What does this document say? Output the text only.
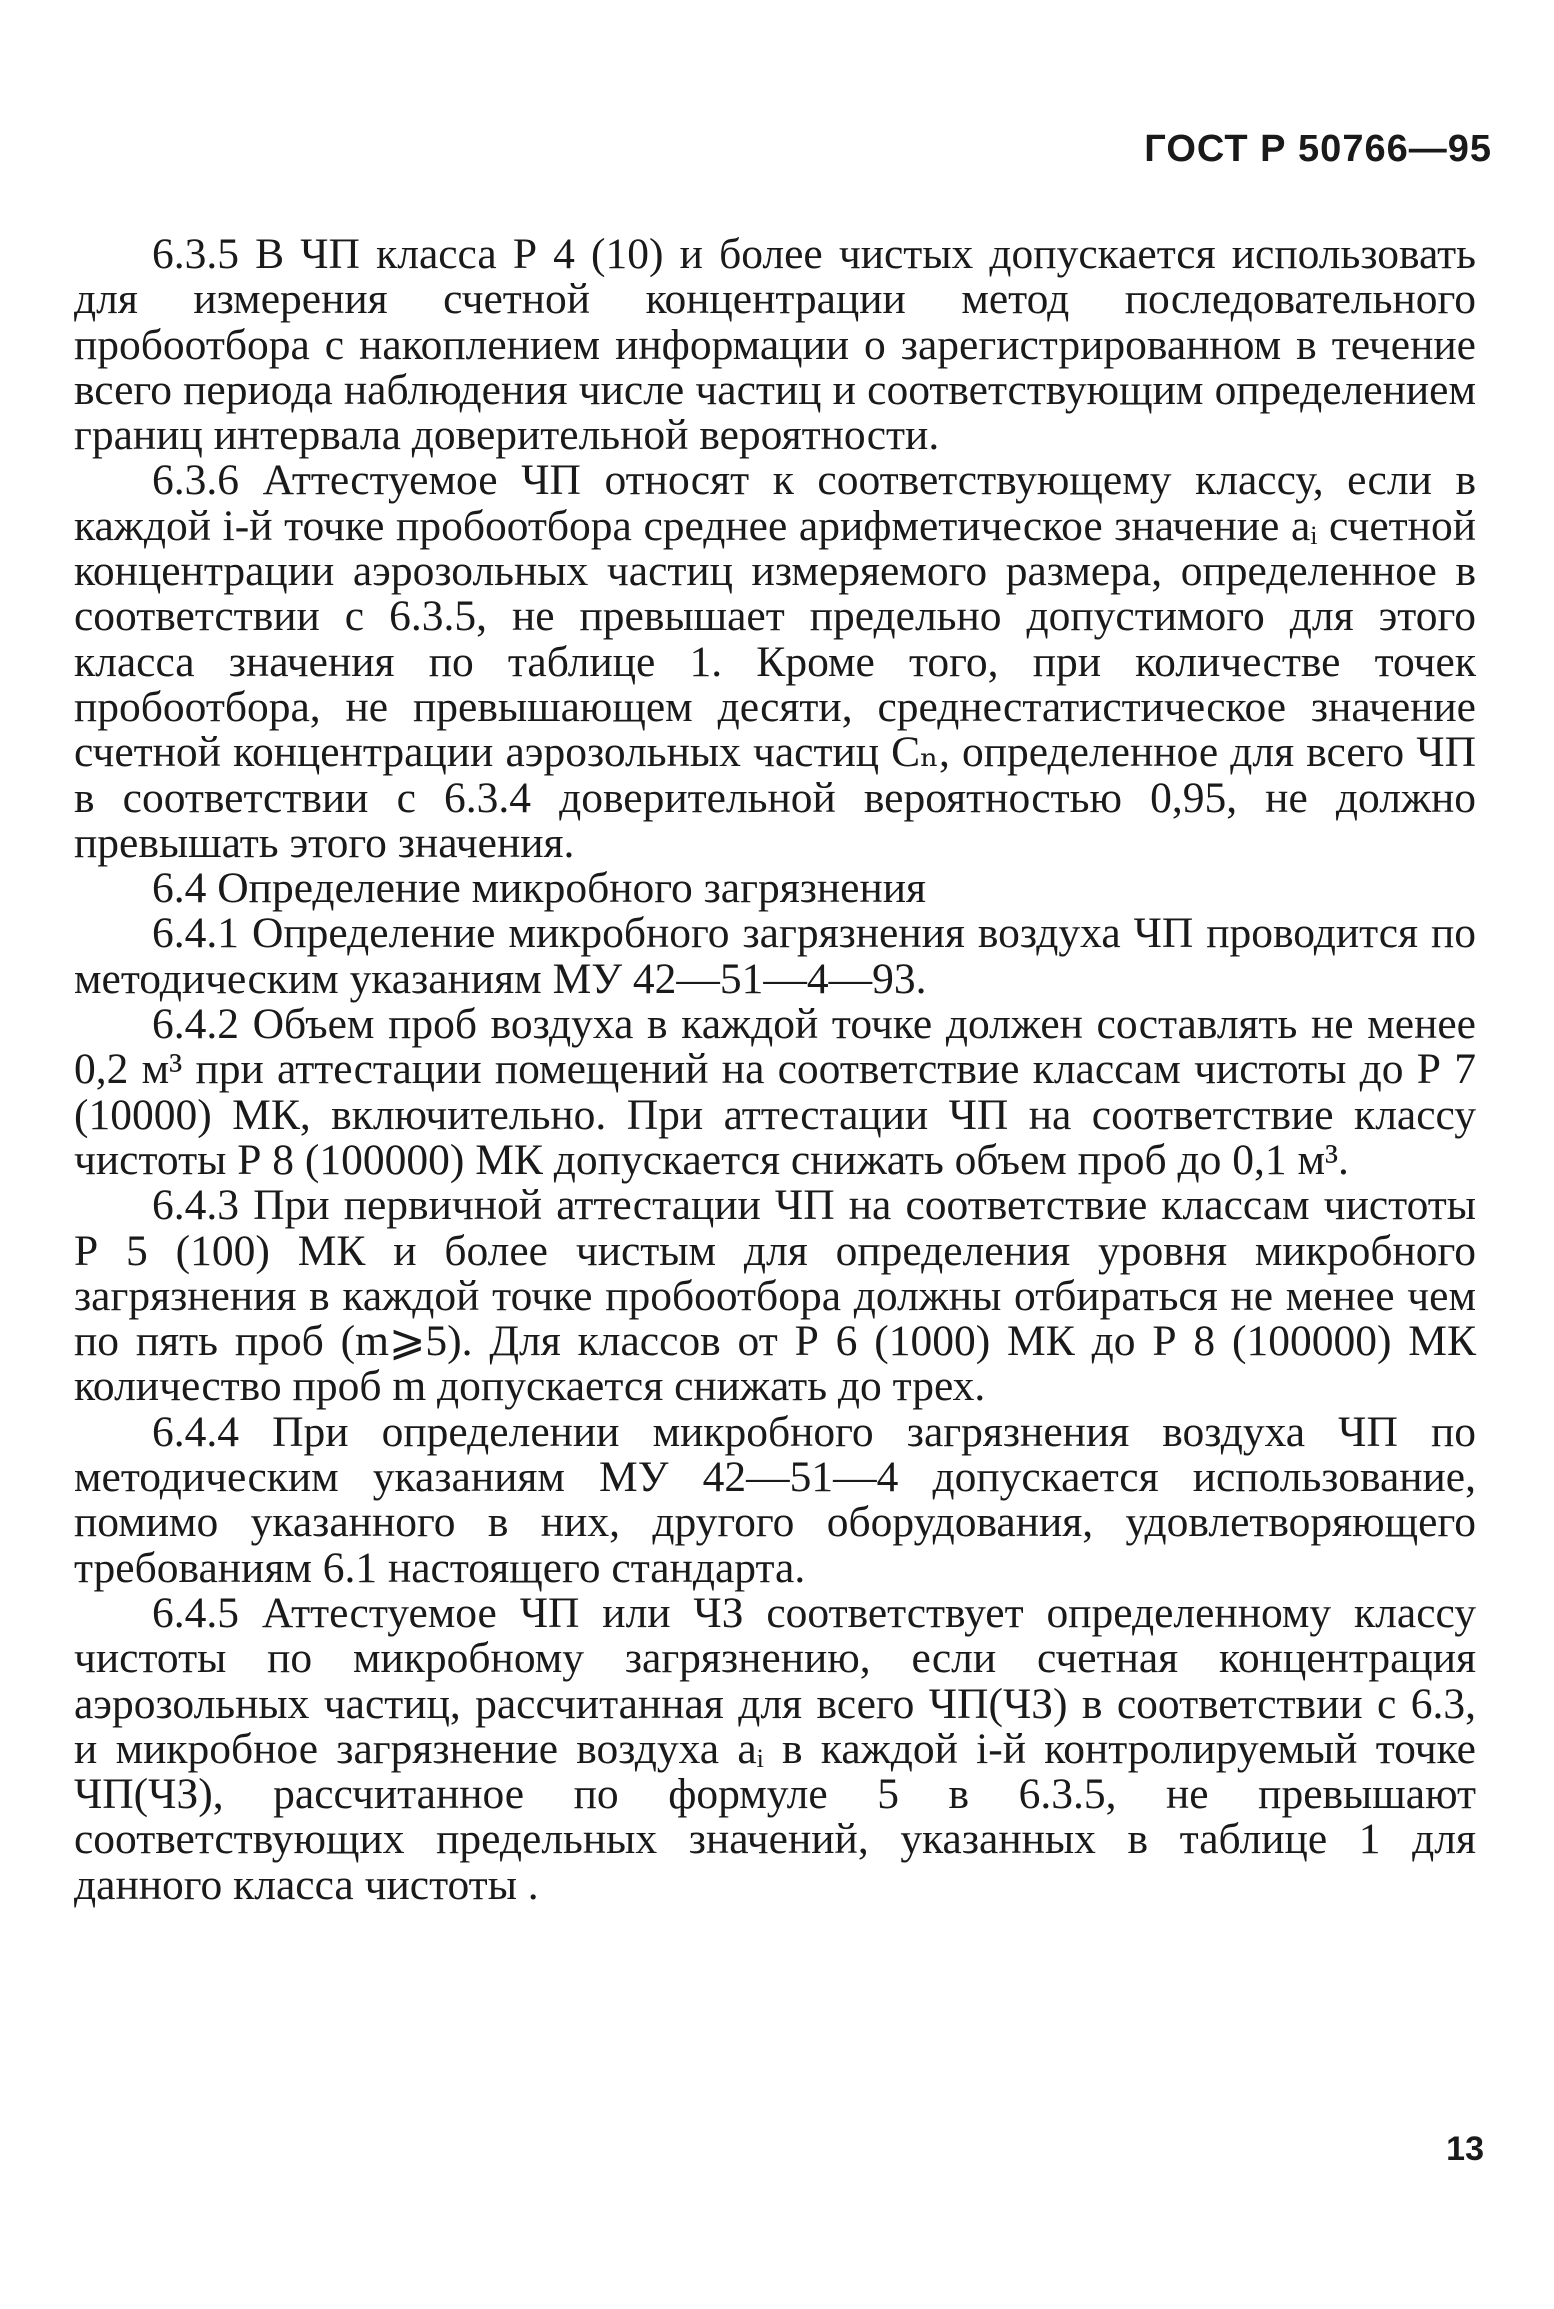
ГОСТ Р 50766—95

6.3.5 В ЧП класса Р 4 (10) и более чистых допускается использовать для измерения счетной концентрации метод последовательного пробоотбора с накоплением информации о зарегистрированном в течение всего периода наблюдения числе частиц и соответствующим определением границ интервала доверительной вероятности.

6.3.6 Аттестуемое ЧП относят к соответствующему классу, если в каждой i-й точке пробоотбора среднее арифметическое значение aᵢ счетной концентрации аэрозольных частиц измеряемого размера, определенное в соответствии с 6.3.5, не превышает предельно допустимого для этого класса значения по таблице 1. Кроме того, при количестве точек пробоотбора, не превышающем десяти, среднестатистическое значение счетной концентрации аэрозольных частиц Cₙ, определенное для всего ЧП в соответствии с 6.3.4 доверительной вероятностью 0,95, не должно превышать этого значения.

6.4 Определение микробного загрязнения

6.4.1 Определение микробного загрязнения воздуха ЧП проводится по методическим указаниям МУ 42—51—4—93.

6.4.2 Объем проб воздуха в каждой точке должен составлять не менее 0,2 м³ при аттестации помещений на соответствие классам чистоты до Р 7 (10000) МК, включительно. При аттестации ЧП на соответствие классу чистоты Р 8 (100000) МК допускается снижать объем проб до 0,1 м³.

6.4.3 При первичной аттестации ЧП на соответствие классам чистоты Р 5 (100) МК и более чистым для определения уровня микробного загрязнения в каждой точке пробоотбора должны отбираться не менее чем по пять проб (m⩾5). Для классов от Р 6 (1000) МК до Р 8 (100000) МК количество проб m допускается снижать до трех.

6.4.4 При определении микробного загрязнения воздуха ЧП по методическим указаниям МУ 42—51—4 допускается использование, помимо указанного в них, другого оборудования, удовлетворяющего требованиям 6.1 настоящего стандарта.

6.4.5 Аттестуемое ЧП или ЧЗ соответствует определенному классу чистоты по микробному загрязнению, если счетная концентрация аэрозольных частиц, рассчитанная для всего ЧП(ЧЗ) в соответствии с 6.3, и микробное загрязнение воздуха aᵢ в каждой i-й контролируемый точке ЧП(ЧЗ), рассчитанное по формуле 5 в 6.3.5, не превышают соответствующих предельных значений, указанных в таблице 1 для данного класса чистоты .

13
